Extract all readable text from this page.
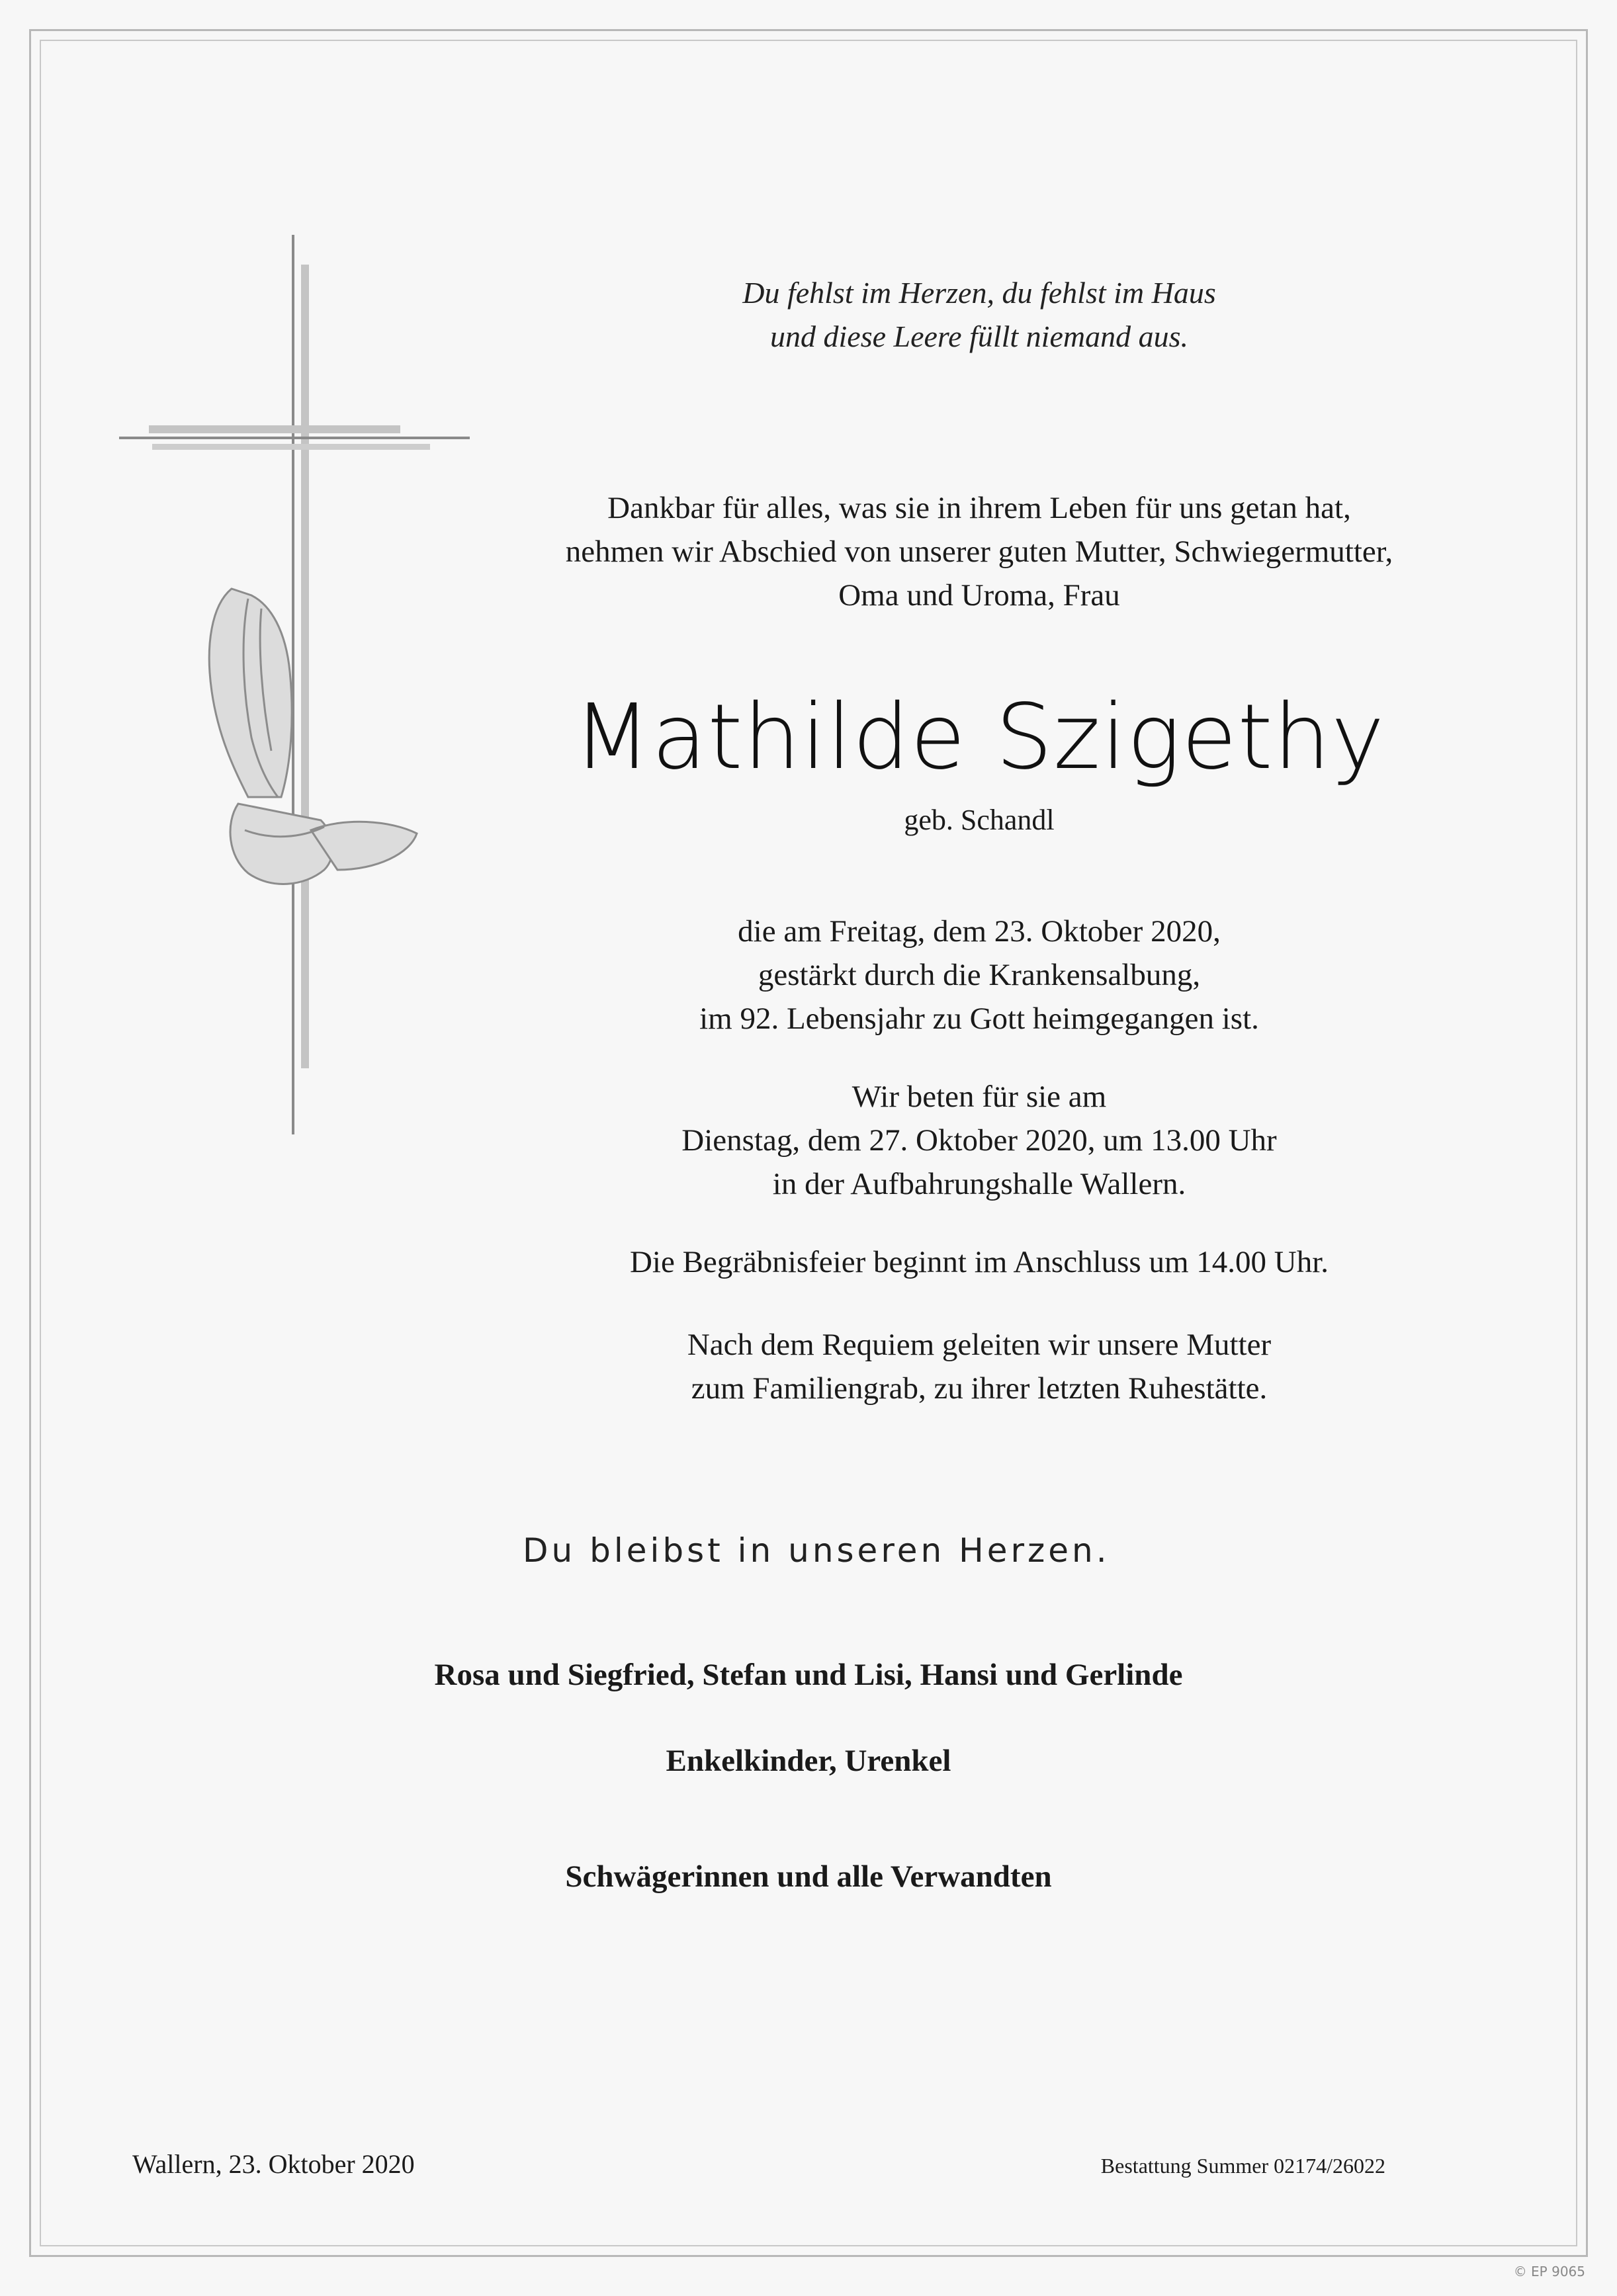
Du fehlst im Herzen, du fehlst im Haus
und diese Leere füllt niemand aus.
Dankbar für alles, was sie in ihrem Leben für uns getan hat,
nehmen wir Abschied von unserer guten Mutter, Schwiegermutter,
Oma und Uroma, Frau
Mathilde Szigethy
geb. Schandl
die am Freitag, dem 23. Oktober 2020,
gestärkt durch die Krankensalbung,
im 92. Lebensjahr zu Gott heimgegangen ist.
Wir beten für sie am
Dienstag, dem 27. Oktober 2020, um 13.00 Uhr
in der Aufbahrungshalle Wallern.
Die Begräbnisfeier beginnt im Anschluss um 14.00 Uhr.
Nach dem Requiem geleiten wir unsere Mutter
zum Familiengrab, zu ihrer letzten Ruhestätte.
Du bleibst in unseren Herzen.
Rosa und Siegfried, Stefan und Lisi, Hansi und Gerlinde
Enkelkinder, Urenkel
Schwägerinnen und alle Verwandten
Wallern, 23. Oktober 2020	Bestattung Summer 02174/26022
© EP 9065
